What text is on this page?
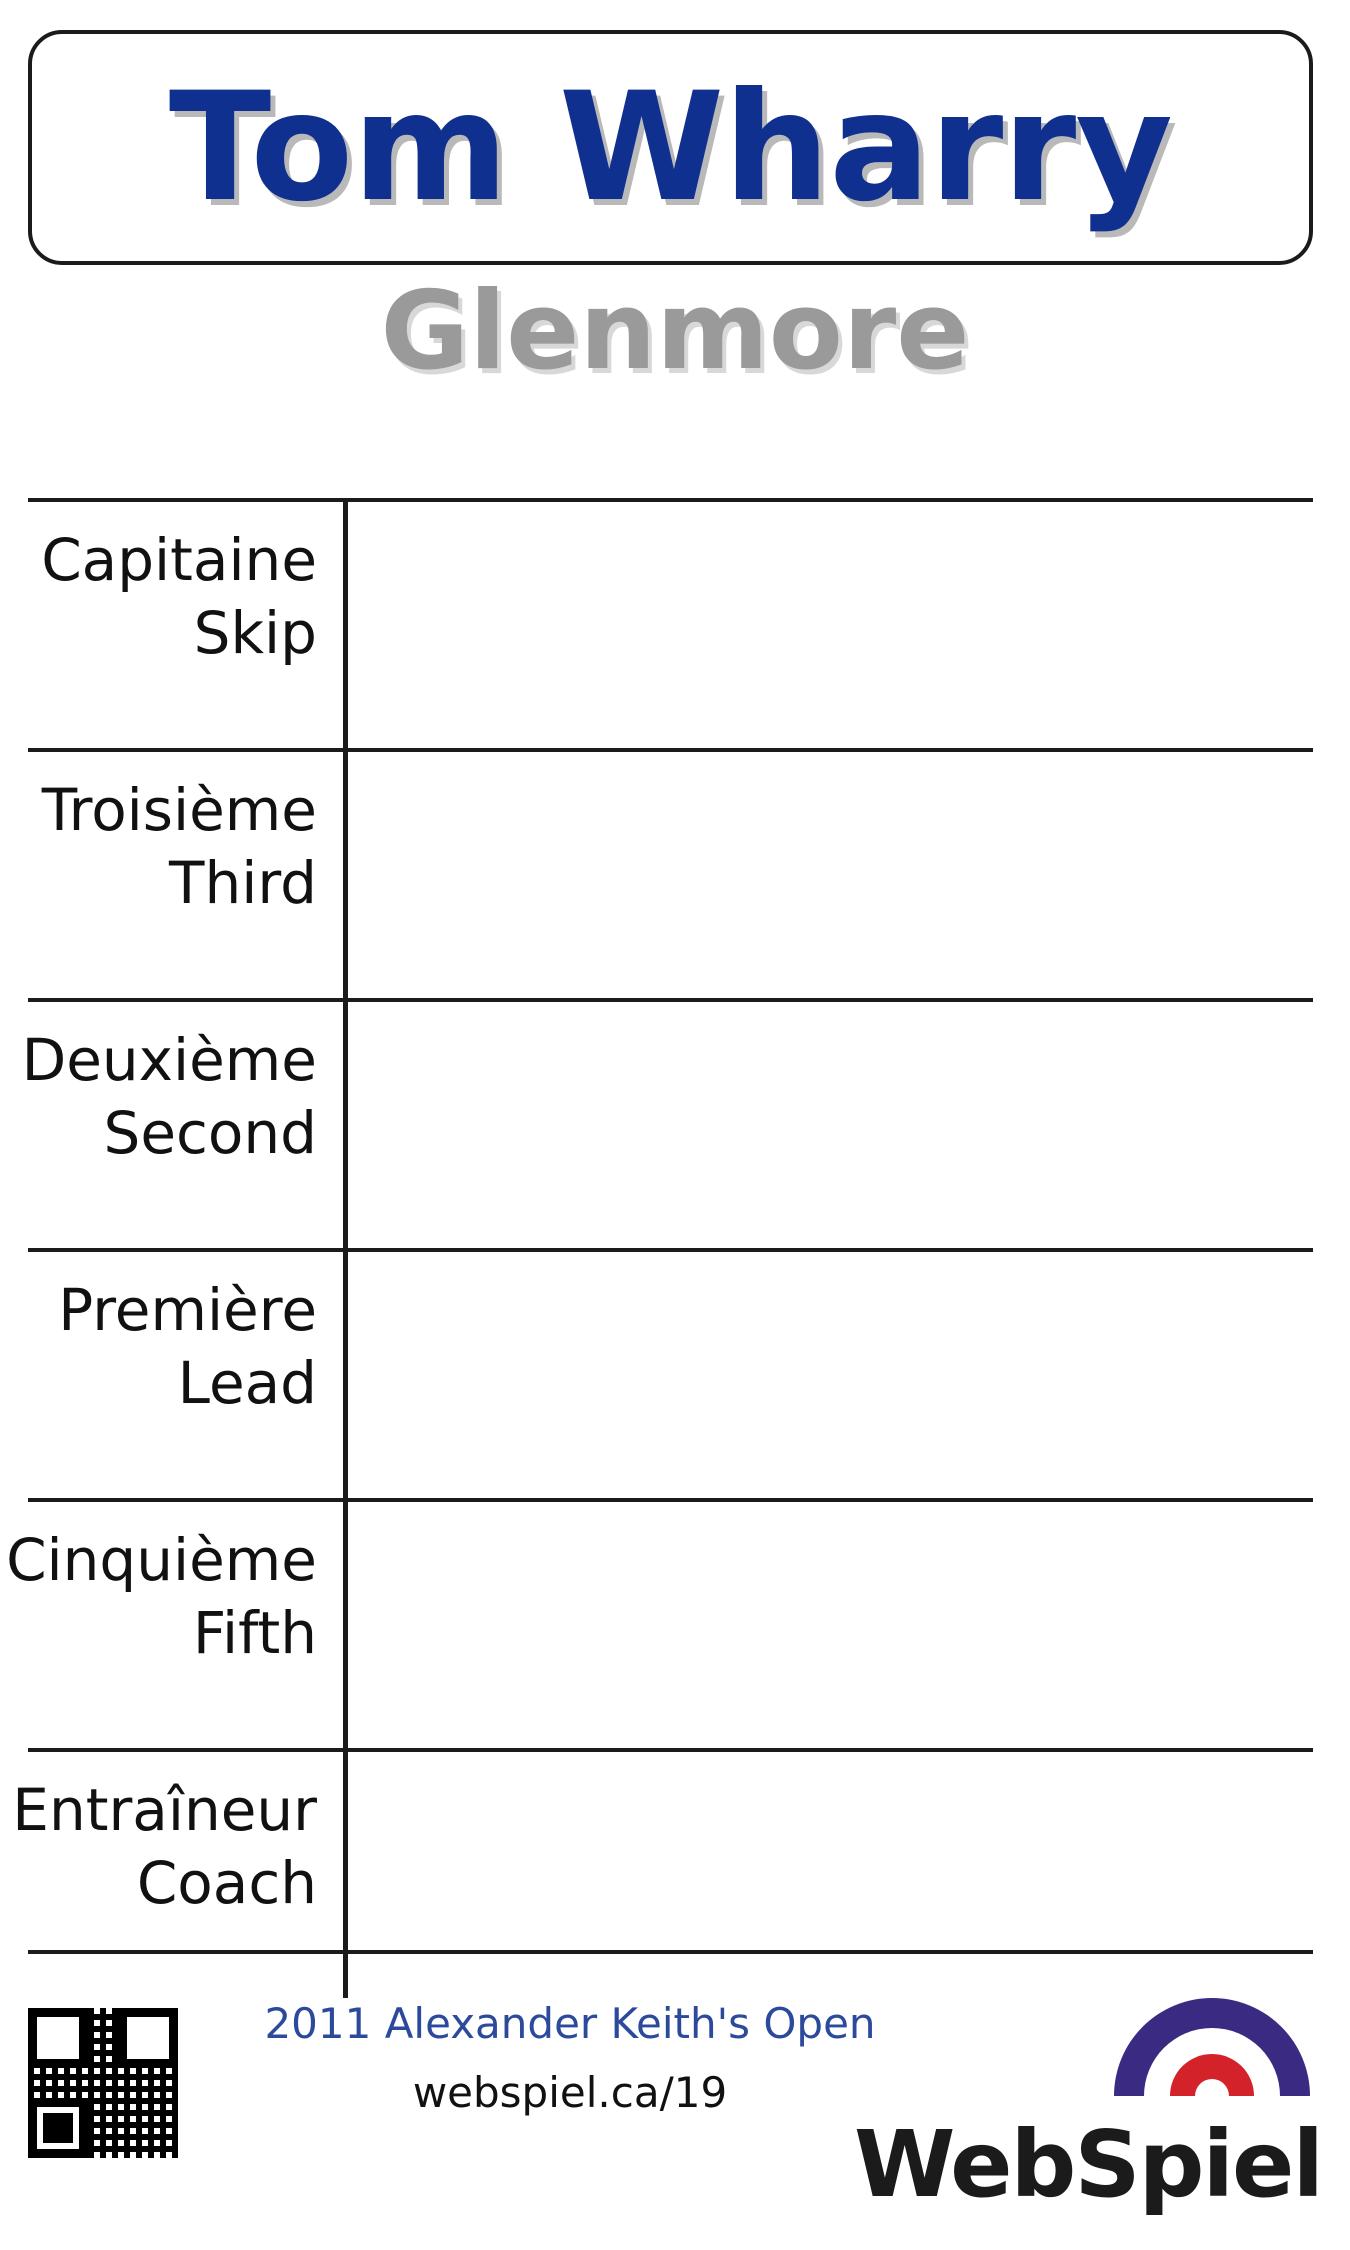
Tom Wharry
Glenmore
Capitaine
Skip
Troisième
Third
Deuxième
Second
Première
Lead
Cinquième
Fifth
Entraîneur
Coach
2011 Alexander Keith's Open
webspiel.ca/19
WebSpiel
